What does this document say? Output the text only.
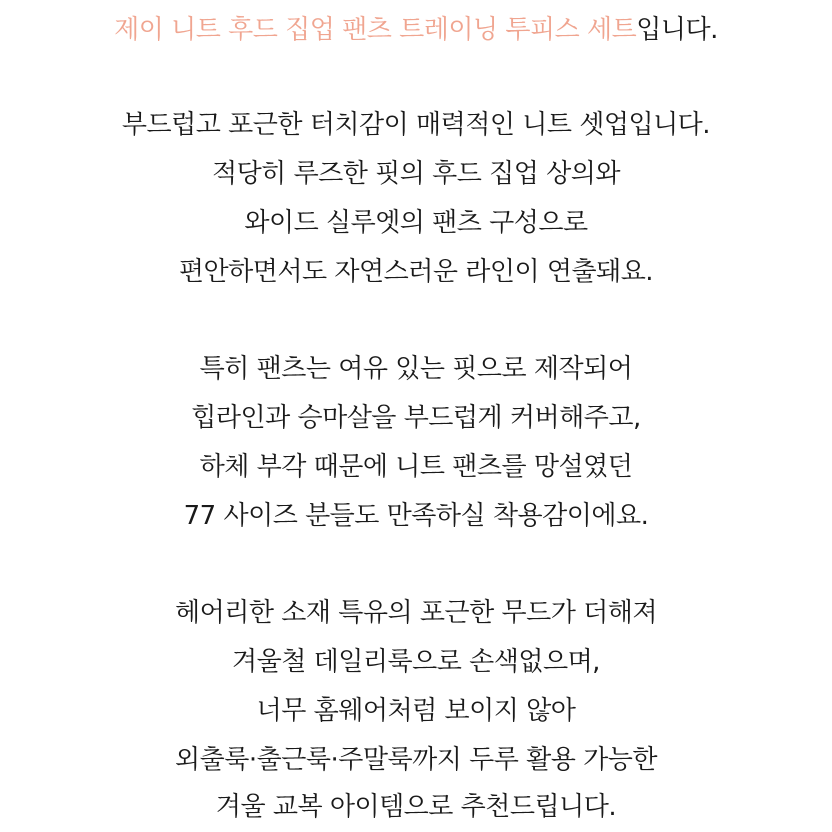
제이 니트 후드 집업 팬츠 트레이닝 투피스 세트입니다.
부드럽고 포근한 터치감이 매력적인 니트 셋업입니다.
적당히 루즈한 핏의 후드 집업 상의와
와이드 실루엣의 팬츠 구성으로
편안하면서도 자연스러운 라인이 연출돼요.
특히 팬츠는 여유 있는 핏으로 제작되어
힙라인과 승마살을 부드럽게 커버해주고,
하체 부각 때문에 니트 팬츠를 망설였던
77 사이즈 분들도 만족하실 착용감이에요.
헤어리한 소재 특유의 포근한 무드가 더해져
겨울철 데일리룩으로 손색없으며,
너무 홈웨어처럼 보이지 않아
외출룩·출근룩·주말룩까지 두루 활용 가능한
겨울 교복 아이템으로 추천드립니다.
